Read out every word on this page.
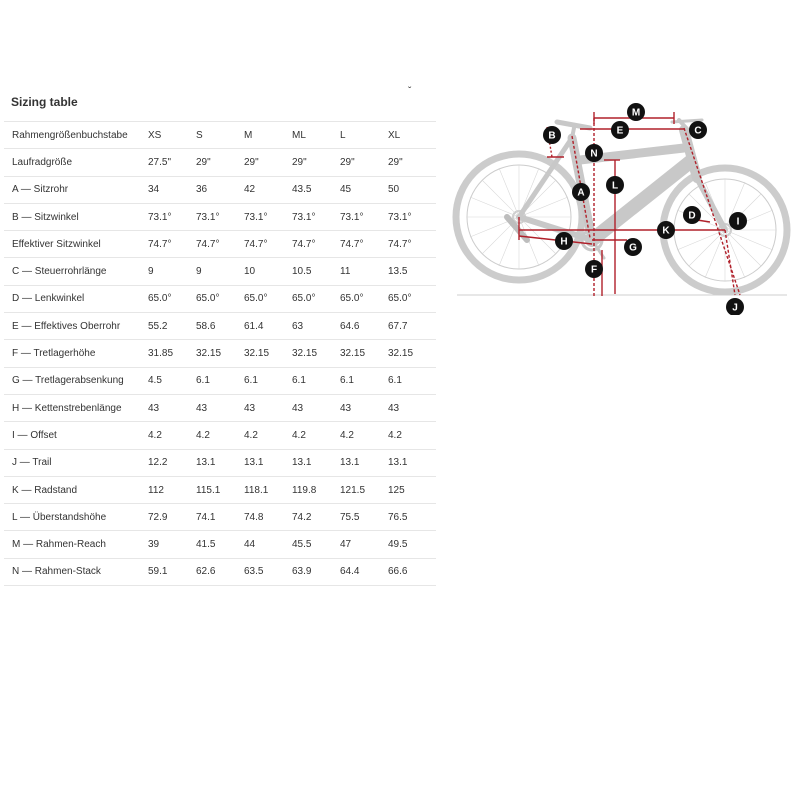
Sizing table
ˇ
Rahmengrößenbuchstabe	XS	S	M	ML	L	XL
Laufradgröße	27.5"	29"	29"	29"	29"	29"
A — Sitzrohr	34	36	42	43.5	45	50
B — Sitzwinkel	73.1°	73.1°	73.1°	73.1°	73.1°	73.1°
Effektiver Sitzwinkel	74.7°	74.7°	74.7°	74.7°	74.7°	74.7°
C — Steuerrohrlänge	9	9	10	10.5	11	13.5
D — Lenkwinkel	65.0°	65.0°	65.0°	65.0°	65.0°	65.0°
E — Effektives Oberrohr	55.2	58.6	61.4	63	64.6	67.7
F — Tretlagerhöhe	31.85	32.15	32.15	32.15	32.15	32.15
G — Tretlagerabsenkung	4.5	6.1	6.1	6.1	6.1	6.1
H — Kettenstrebenlänge	43	43	43	43	43	43
I — Offset	4.2	4.2	4.2	4.2	4.2	4.2
J — Trail	12.2	13.1	13.1	13.1	13.1	13.1
K — Radstand	112	115.1	118.1	119.8	121.5	125
L — Überstandshöhe	72.9	74.1	74.8	74.2	75.5	76.5
M — Rahmen-Reach	39	41.5	44	45.5	47	49.5
N — Rahmen-Stack	59.1	62.6	63.5	63.9	64.4	66.6
M
B	E	C
N
A
L
D
I
K
H
G
F
J
